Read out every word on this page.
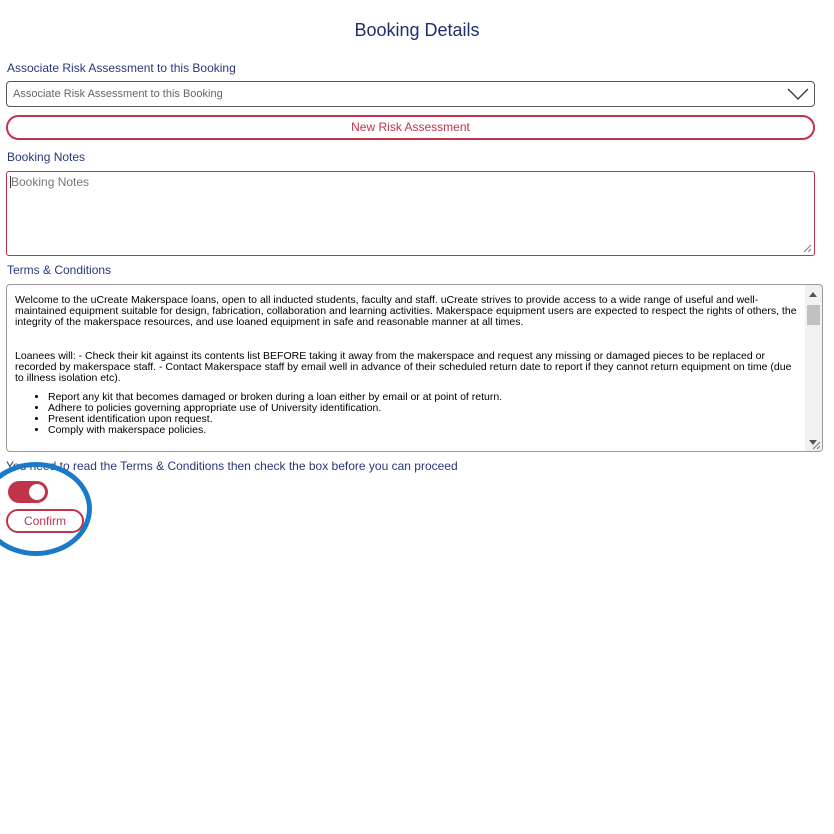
Booking Details
Associate Risk Assessment to this Booking
Associate Risk Assessment to this Booking
New Risk Assessment
Booking Notes
Booking Notes
Terms & Conditions

Welcome to the uCreate Makerspace loans, open to all inducted students, faculty and staff. uCreate strives to provide access to a wide range of useful and well-maintained equipment suitable for design, fabrication, collaboration and learning activities. Makerspace equipment users are expected to respect the rights of others, the integrity of the makerspace resources, and use loaned equipment in safe and reasonable manner at all times.

Loanees will: - Check their kit against its contents list BEFORE taking it away from the makerspace and request any missing or damaged pieces to be replaced or recorded by makerspace staff. - Contact Makerspace staff by email well in advance of their scheduled return date to report if they cannot return equipment on time (due to illness isolation etc).

• Report any kit that becomes damaged or broken during a loan either by email or at point of return.
• Adhere to policies governing appropriate use of University identification.
• Present identification upon request.
• Comply with makerspace policies.
You need to read the Terms & Conditions then check the box before you can proceed
Confirm
